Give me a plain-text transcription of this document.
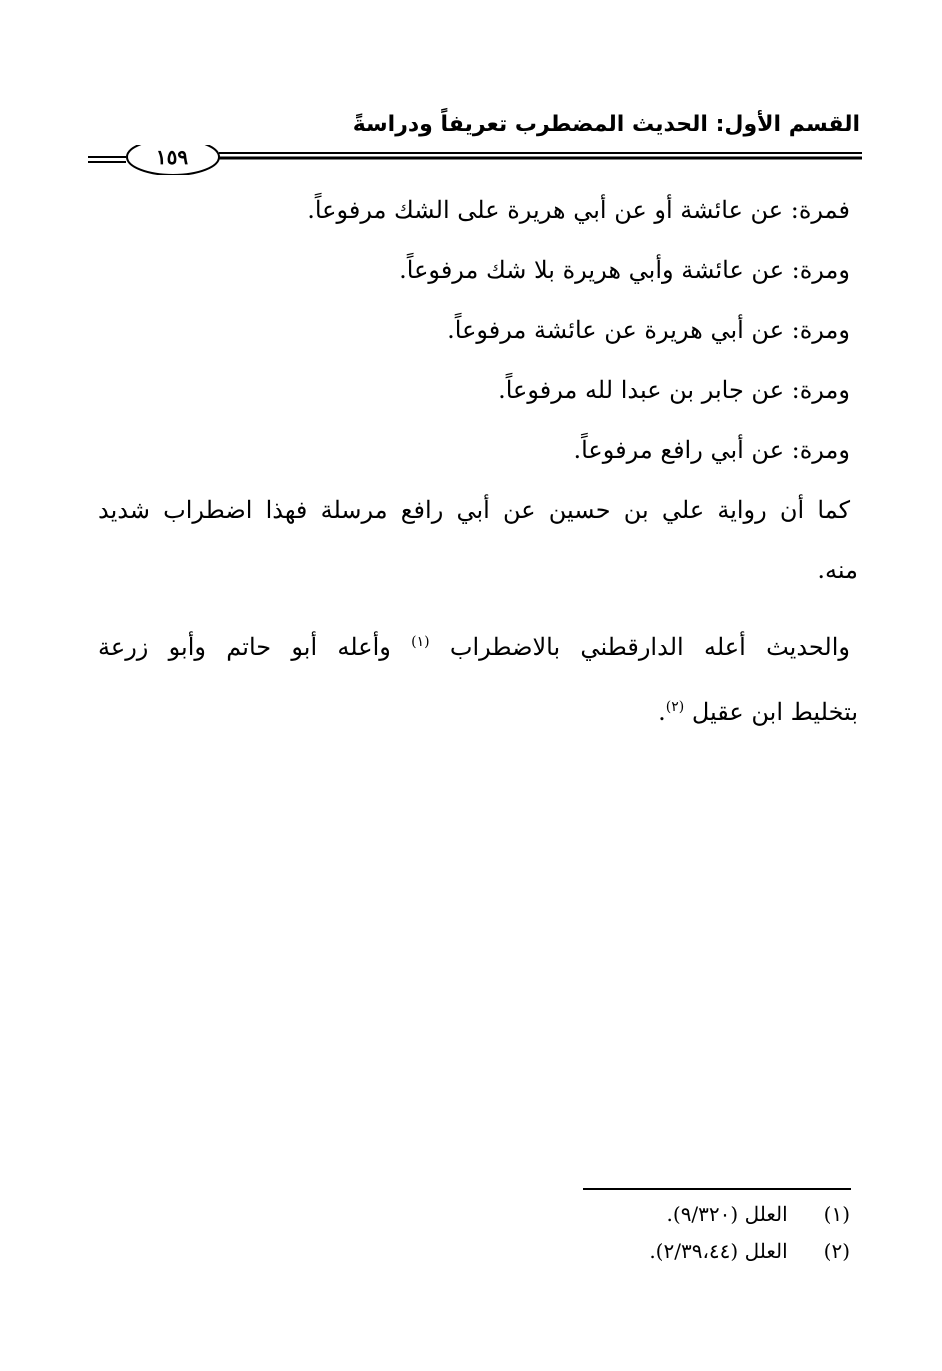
القسم الأول: الحديث المضطرب تعريفاً ودراسةً
١٥٩

فمرة: عن عائشة أو عن أبي هريرة على الشك مرفوعاً.

ومرة: عن عائشة وأبي هريرة بلا شك مرفوعاً.

ومرة: عن أبي هريرة عن عائشة مرفوعاً.

ومرة: عن جابر بن عبدا لله مرفوعاً.

ومرة: عن أبي رافع مرفوعاً.

كما أن رواية علي بن حسين عن أبي رافع مرسلة فهذا اضطراب شديد

منه.

والحديث أعله الدارقطني بالاضطراب $^{(١)}$ وأعله أبو حاتم وأبو زرعة

بتخليط ابن عقيل $^{(٢)}$.

(١) العلل (٩/٣٢٠).

(٢) العلل (٢/٣٩،٤٤).
